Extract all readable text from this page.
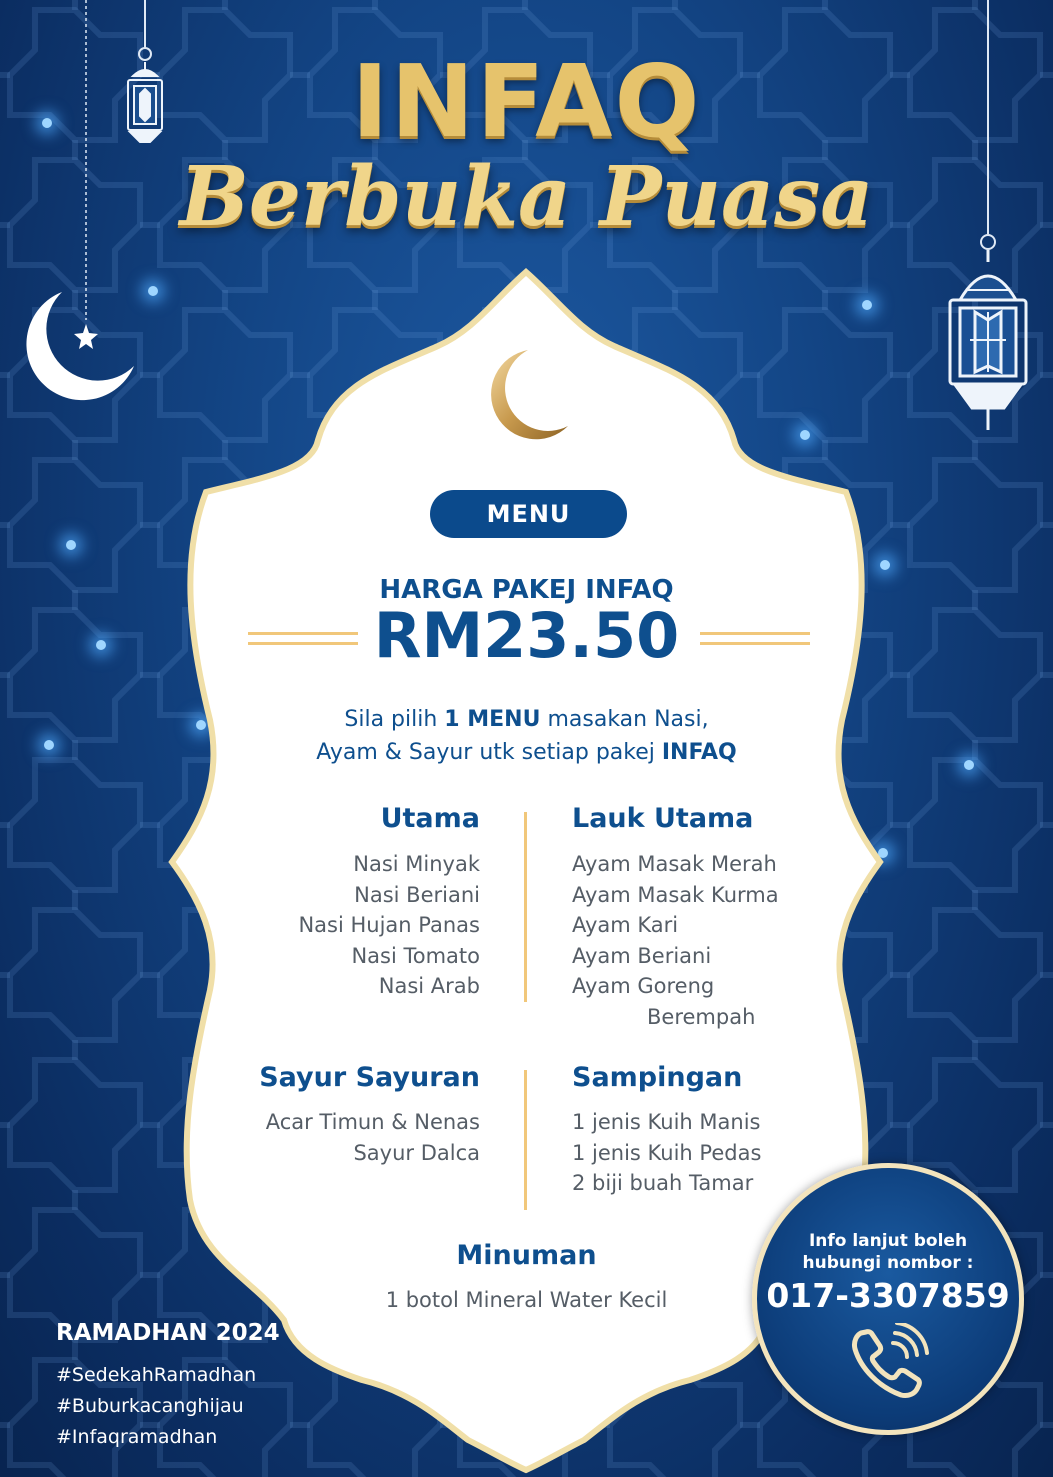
INFAQ
Berbuka Puasa
MENU
HARGA PAKEJ INFAQ
RM23.50
Sila pilih 1 MENU masakan Nasi,
Ayam & Sayur utk setiap pakej INFAQ
Utama
Nasi Minyak
Nasi Beriani
Nasi Hujan Panas
Nasi Tomato
Nasi Arab
Lauk Utama
Ayam Masak Merah
Ayam Masak Kurma
Ayam Kari
Ayam Beriani
Ayam Goreng
Berempah
Sayur Sayuran
Acar Timun & Nenas
Sayur Dalca
Sampingan
1 jenis Kuih Manis
1 jenis Kuih Pedas
2 biji buah Tamar
Minuman
1 botol Mineral Water Kecil
RAMADHAN 2024
#SedekahRamadhan
#Buburkacanghijau
#Infaqramadhan
Info lanjut boleh
hubungi nombor :
017-3307859
